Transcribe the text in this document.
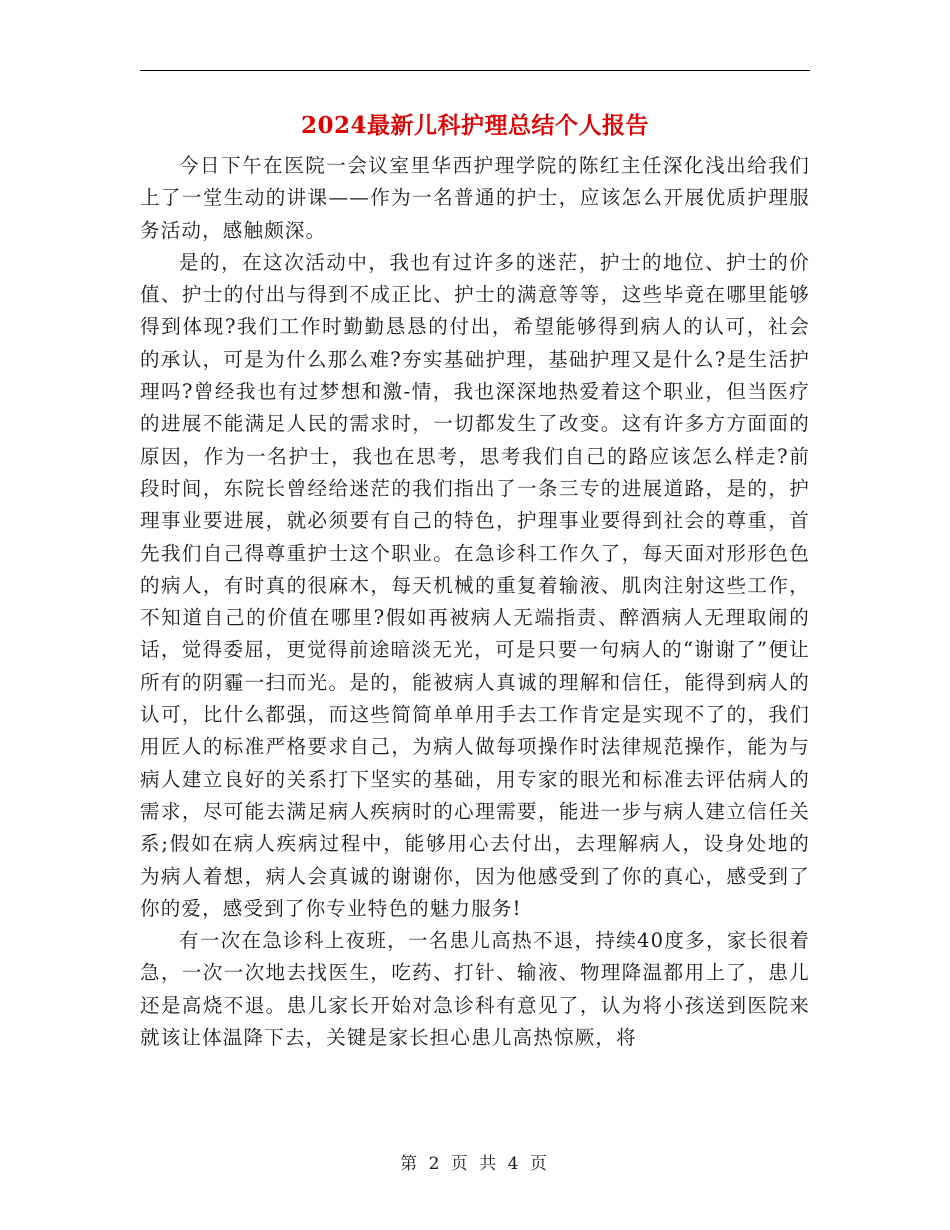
2024最新儿科护理总结个人报告

今日下午在医院一会议室里华西护理学院的陈红主任深化浅出给我们上了一堂生动的讲课——作为一名普通的护士，应该怎么开展优质护理服务活动，感触颇深。

是的，在这次活动中，我也有过许多的迷茫，护士的地位、护士的价值、护士的付出与得到不成正比、护士的满意等等，这些毕竟在哪里能够得到体现?我们工作时勤勤恳恳的付出，希望能够得到病人的认可，社会的承认，可是为什么那么难?夯实基础护理，基础护理又是什么?是生活护理吗?曾经我也有过梦想和激-情，我也深深地热爱着这个职业，但当医疗的进展不能满足人民的需求时，一切都发生了改变。这有许多方方面面的原因，作为一名护士，我也在思考，思考我们自己的路应该怎么样走?前段时间，东院长曾经给迷茫的我们指出了一条三专的进展道路，是的，护理事业要进展，就必须要有自己的特色，护理事业要得到社会的尊重，首先我们自己得尊重护士这个职业。在急诊科工作久了，每天面对形形色色的病人，有时真的很麻木，每天机械的重复着输液、肌肉注射这些工作，不知道自己的价值在哪里?假如再被病人无端指责、醉酒病人无理取闹的话，觉得委屈，更觉得前途暗淡无光，可是只要一句病人的“谢谢了”便让所有的阴霾一扫而光。是的，能被病人真诚的理解和信任，能得到病人的认可，比什么都强，而这些简简单单用手去工作肯定是实现不了的，我们用匠人的标准严格要求自己，为病人做每项操作时法律规范操作，能为与病人建立良好的关系打下坚实的基础，用专家的眼光和标准去评估病人的需求，尽可能去满足病人疾病时的心理需要，能进一步与病人建立信任关系;假如在病人疾病过程中，能够用心去付出，去理解病人，设身处地的为病人着想，病人会真诚的谢谢你，因为他感受到了你的真心，感受到了你的爱，感受到了你专业特色的魅力服务!

有一次在急诊科上夜班，一名患儿高热不退，持续40度多，家长很着急，一次一次地去找医生，吃药、打针、输液、物理降温都用上了，患儿还是高烧不退。患儿家长开始对急诊科有意见了，认为将小孩送到医院来就该让体温降下去，关键是家长担心患儿高热惊厥，将

第 2 页 共 4 页
